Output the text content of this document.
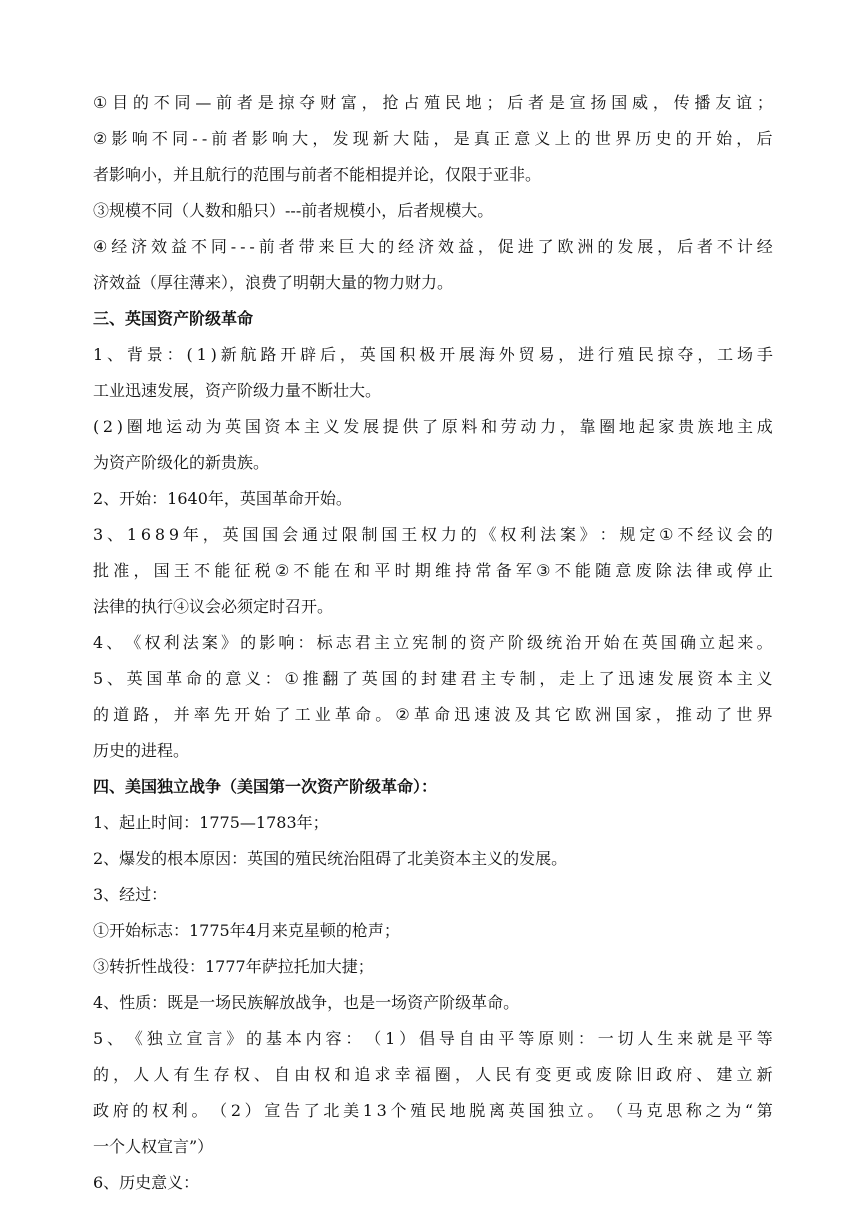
① 目 的 不 同 — 前 者 是 掠 夺 财 富 ， 抢 占 殖 民 地 ； 后 者 是 宣 扬 国 威 ， 传 播 友 谊 ；
② 影 响 不 同 - - 前 者 影 响 大 ， 发 现 新 大 陆 ， 是 真 正 意 义 上 的 世 界 历 史 的 开 始 ， 后
者影响小，并且航行的范围与前者不能相提并论，仅限于亚非。
③规模不同（人数和船只）---前者规模小，后者规模大。
④ 经 济 效 益 不 同 - - - 前 者 带 来 巨 大 的 经 济 效 益 ， 促 进 了 欧 洲 的 发 展 ， 后 者 不 计 经
济效益（厚往薄来），浪费了明朝大量的物力财力。
三、英国资产阶级革命
1 、 背 景 ： ( 1 ) 新 航 路 开 辟 后 ， 英 国 积 极 开 展 海 外 贸 易 ， 进 行 殖 民 掠 夺 ， 工 场 手
工业迅速发展，资产阶级力量不断壮大。
( 2 ) 圈 地 运 动 为 英 国 资 本 主 义 发 展 提 供 了 原 料 和 劳 动 力 ， 靠 圈 地 起 家 贵 族 地 主 成
为资产阶级化的新贵族。
2、开始：1640年，英国革命开始。
3 、 1 6 8 9 年 ， 英 国 国 会 通 过 限 制 国 王 权 力 的 《 权 利 法 案 》 ： 规 定 ① 不 经 议 会 的
批 准 ， 国 王 不 能 征 税 ② 不 能 在 和 平 时 期 维 持 常 备 军 ③ 不 能 随 意 废 除 法 律 或 停 止
法律的执行④议会必须定时召开。
4 、 《 权 利 法 案 》 的 影 响 ： 标 志 君 主 立 宪 制 的 资 产 阶 级 统 治 开 始 在 英 国 确 立 起 来 。
5 、 英 国 革 命 的 意 义 ： ① 推 翻 了 英 国 的 封 建 君 主 专 制 ， 走 上 了 迅 速 发 展 资 本 主 义
的 道 路 ， 并 率 先 开 始 了 工 业 革 命 。 ② 革 命 迅 速 波 及 其 它 欧 洲 国 家 ， 推 动 了 世 界
历史的进程。
四、美国独立战争（美国第一次资产阶级革命）：
1、起止时间：1775—1783年；
2、爆发的根本原因：英国的殖民统治阻碍了北美资本主义的发展。
3、经过：
①开始标志：1775年4月来克星顿的枪声；
③转折性战役：1777年萨拉托加大捷；
4、性质：既是一场民族解放战争，也是一场资产阶级革命。
5 、 《 独 立 宣 言 》 的 基 本 内 容 ： （ 1 ） 倡 导 自 由 平 等 原 则 ： 一 切 人 生 来 就 是 平 等
的 ， 人 人 有 生 存 权 、 自 由 权 和 追 求 幸 福 圈 ， 人 民 有 变 更 或 废 除 旧 政 府 、 建 立 新
政 府 的 权 利 。 （ 2 ） 宣 告 了 北 美 1 3 个 殖 民 地 脱 离 英 国 独 立 。 （ 马 克 思 称 之 为 “ 第
一个人权宣言”）
6、历史意义：
